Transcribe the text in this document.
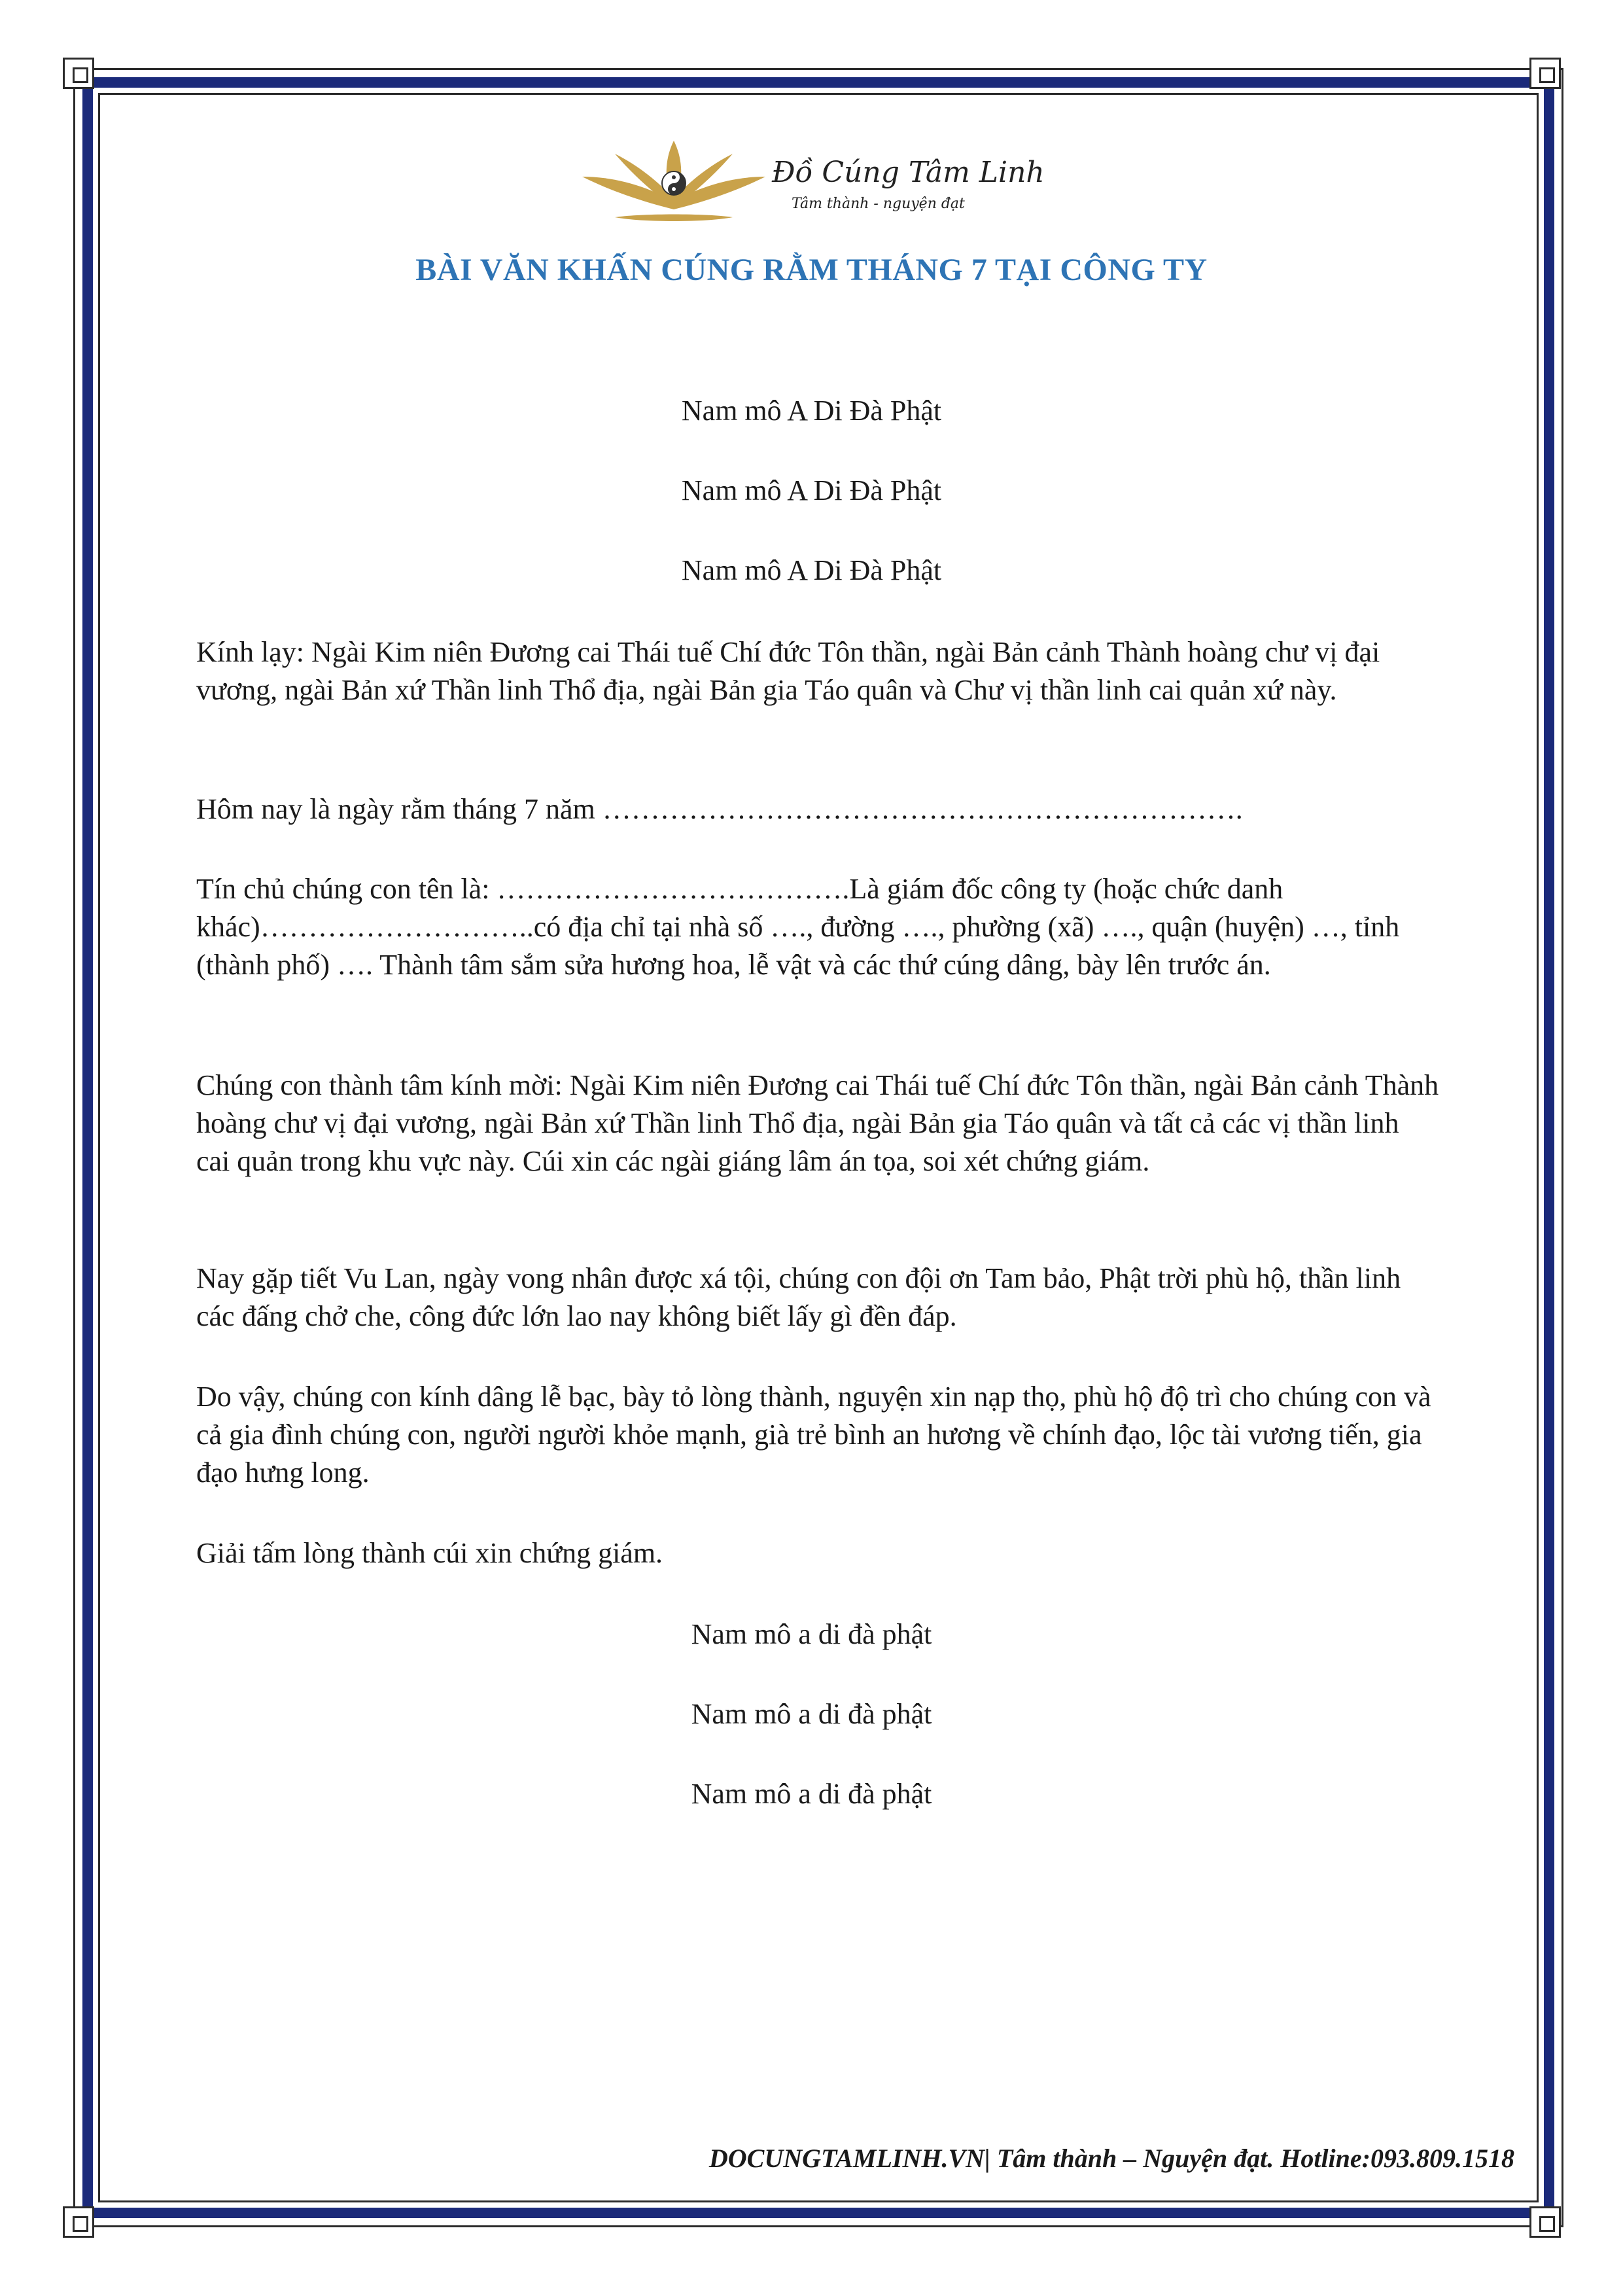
Đồ Cúng Tâm Linh
Tâm thành - nguyện đạt
BÀI VĂN KHẤN CÚNG RẰM THÁNG 7 TẠI CÔNG TY
Nam mô A Di Đà Phật
Nam mô A Di Đà Phật
Nam mô A Di Đà Phật
Kính lạy: Ngài Kim niên Đương cai Thái tuế Chí đức Tôn thần, ngài Bản cảnh Thành hoàng chư vị đại vương, ngài Bản xứ Thần linh Thổ địa, ngài Bản gia Táo quân và Chư vị thần linh cai quản xứ này.
Hôm nay là ngày rằm tháng 7 năm ………………………………………………………….
Tín chủ chúng con tên là: ……………………………….Là giám đốc công ty (hoặc chức danh khác)………………………..có địa chỉ tại nhà số …., đường …., phường (xã) …., quận (huyện) …, tỉnh (thành phố) …. Thành tâm sắm sửa hương hoa, lễ vật và các thứ cúng dâng, bày lên trước án.
Chúng con thành tâm kính mời: Ngài Kim niên Đương cai Thái tuế Chí đức Tôn thần, ngài Bản cảnh Thành hoàng chư vị đại vương, ngài Bản xứ Thần linh Thổ địa, ngài Bản gia Táo quân và tất cả các vị thần linh cai quản trong khu vực này. Cúi xin các ngài giáng lâm án tọa, soi xét chứng giám.
Nay gặp tiết Vu Lan, ngày vong nhân được xá tội, chúng con đội ơn Tam bảo, Phật trời phù hộ, thần linh các đấng chở che, công đức lớn lao nay không biết lấy gì đền đáp.
Do vậy, chúng con kính dâng lễ bạc, bày tỏ lòng thành, nguyện xin nạp thọ, phù hộ độ trì cho chúng con và cả gia đình chúng con, người người khỏe mạnh, già trẻ bình an hương về chính đạo, lộc tài vương tiến, gia đạo hưng long.
Giải tấm lòng thành cúi xin chứng giám.
Nam mô a di đà phật
Nam mô a di đà phật
Nam mô a di đà phật
DOCUNGTAMLINH.VN| Tâm thành – Nguyện đạt. Hotline:093.809.1518
